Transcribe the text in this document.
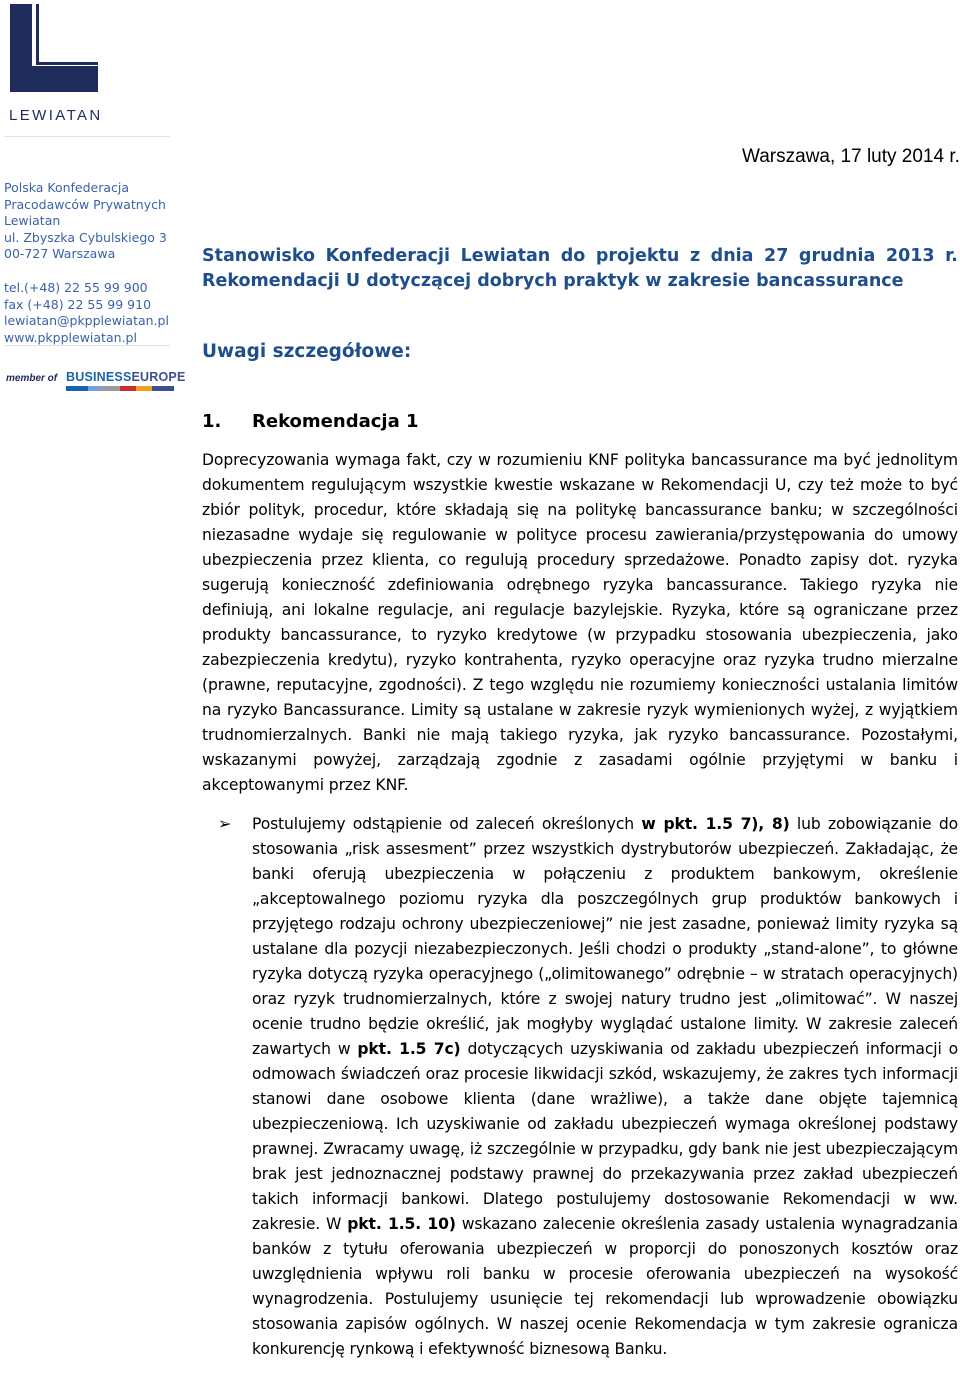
LEWIATAN
Polska Konfederacja
Pracodawców Prywatnych
Lewiatan
ul. Zbyszka Cybulskiego 3
00-727 Warszawa
tel.(+48) 22 55 99 900
fax (+48) 22 55 99 910
lewiatan@pkpplewiatan.pl
www.pkpplewiatan.pl
member of BUSINESSEUROPE
Warszawa, 17 luty 2014 r.
Stanowisko Konfederacji Lewiatan do projektu z dnia 27 grudnia 2013 r.
Rekomendacji U dotyczącej dobrych praktyk w zakresie bancassurance
Uwagi szczegółowe:
1. Rekomendacja 1
Doprecyzowania wymaga fakt, czy w rozumieniu KNF polityka bancassurance ma być jednolitym dokumentem regulującym wszystkie kwestie wskazane w Rekomendacji U, czy też może to być zbiór polityk, procedur, które składają się na politykę bancassurance banku; w szczególności niezasadne wydaje się regulowanie w polityce procesu zawierania/przystępowania do umowy ubezpieczenia przez klienta, co regulują procedury sprzedażowe. Ponadto zapisy dot. ryzyka sugerują konieczność zdefiniowania odrębnego ryzyka bancassurance. Takiego ryzyka nie definiują, ani lokalne regulacje, ani regulacje bazylejskie. Ryzyka, które są ograniczane przez produkty bancassurance, to ryzyko kredytowe (w przypadku stosowania ubezpieczenia, jako zabezpieczenia kredytu), ryzyko kontrahenta, ryzyko operacyjne oraz ryzyka trudno mierzalne (prawne, reputacyjne, zgodności). Z tego względu nie rozumiemy konieczności ustalania limitów na ryzyko Bancassurance. Limity są ustalane w zakresie ryzyk wymienionych wyżej, z wyjątkiem trudnomierzalnych. Banki nie mają takiego ryzyka, jak ryzyko bancassurance. Pozostałymi, wskazanymi powyżej, zarządzają zgodnie z zasadami ogólnie przyjętymi w banku i akceptowanymi przez KNF.
➢ Postulujemy odstąpienie od zaleceń określonych w pkt. 1.5 7), 8) lub zobowiązanie do stosowania „risk assesment” przez wszystkich dystrybutorów ubezpieczeń. Zakładając, że banki oferują ubezpieczenia w połączeniu z produktem bankowym, określenie „akceptowalnego poziomu ryzyka dla poszczególnych grup produktów bankowych i przyjętego rodzaju ochrony ubezpieczeniowej” nie jest zasadne, ponieważ limity ryzyka są ustalane dla pozycji niezabezpieczonych. Jeśli chodzi o produkty „stand-alone”, to główne ryzyka dotyczą ryzyka operacyjnego („olimitowanego” odrębnie – w stratach operacyjnych) oraz ryzyk trudnomierzalnych, które z swojej natury trudno jest „olimitować”. W naszej ocenie trudno będzie określić, jak mogłyby wyglądać ustalone limity. W zakresie zaleceń zawartych w pkt. 1.5 7c) dotyczących uzyskiwania od zakładu ubezpieczeń informacji o odmowach świadczeń oraz procesie likwidacji szkód, wskazujemy, że zakres tych informacji stanowi dane osobowe klienta (dane wrażliwe), a także dane objęte tajemnicą ubezpieczeniową. Ich uzyskiwanie od zakładu ubezpieczeń wymaga określonej podstawy prawnej. Zwracamy uwagę, iż szczególnie w przypadku, gdy bank nie jest ubezpieczającym brak jest jednoznacznej podstawy prawnej do przekazywania przez zakład ubezpieczeń takich informacji bankowi. Dlatego postulujemy dostosowanie Rekomendacji w ww. zakresie. W pkt. 1.5. 10) wskazano zalecenie określenia zasady ustalenia wynagradzania banków z tytułu oferowania ubezpieczeń w proporcji do ponoszonych kosztów oraz uwzględnienia wpływu roli banku w procesie oferowania ubezpieczeń na wysokość wynagrodzenia. Postulujemy usunięcie tej rekomendacji lub wprowadzenie obowiązku stosowania zapisów ogólnych. W naszej ocenie Rekomendacja w tym zakresie ogranicza konkurencję rynkową i efektywność biznesową Banku.
